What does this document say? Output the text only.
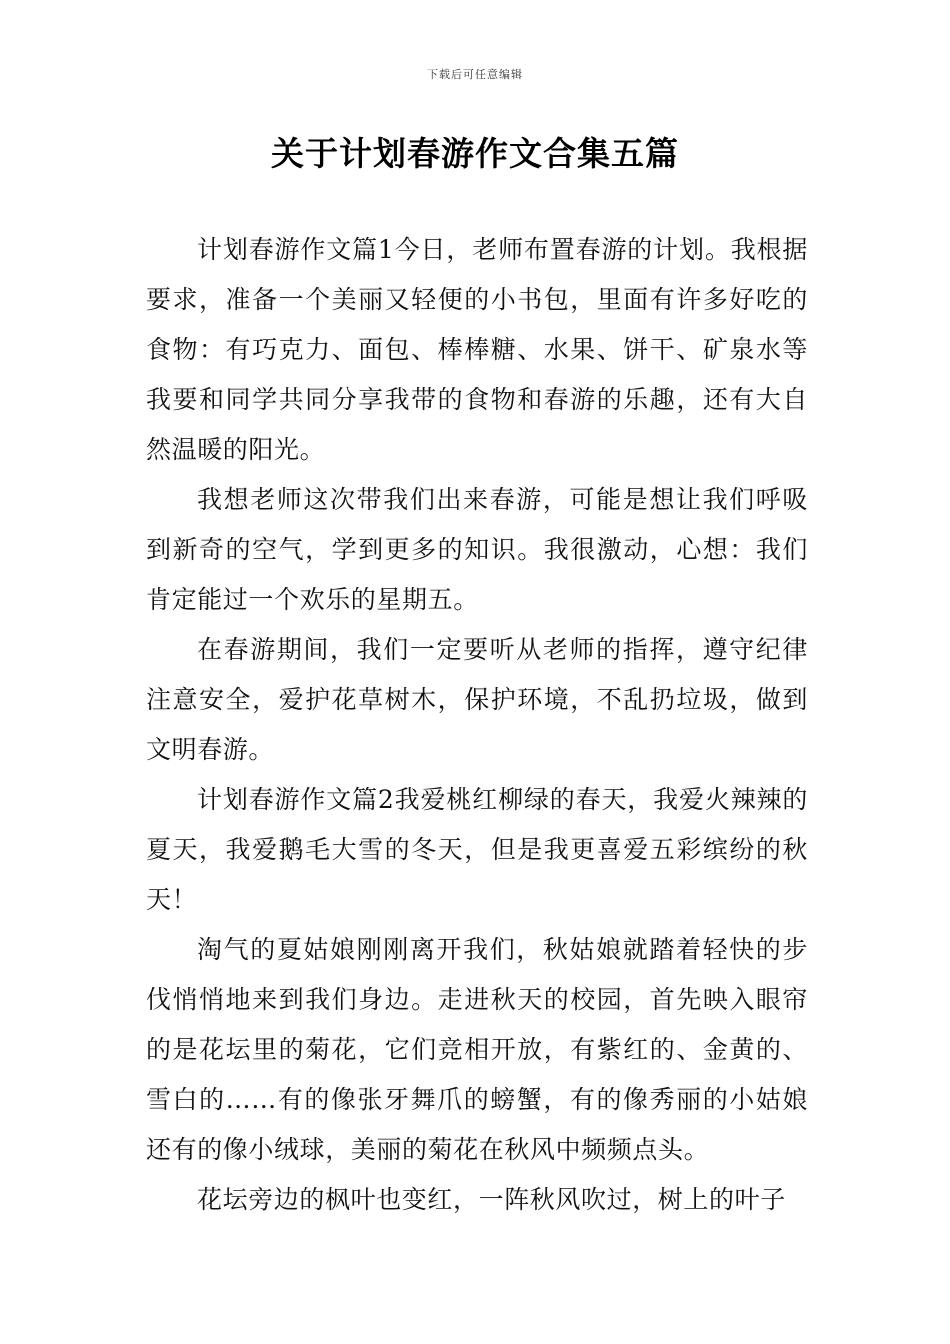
下载后可任意编辑
关于计划春游作文合集五篇

计划春游作文篇1今日，老师布置春游的计划。我根据要求，准备一个美丽又轻便的小书包，里面有许多好吃的食物：有巧克力、面包、棒棒糖、水果、饼干、矿泉水等我要和同学共同分享我带的食物和春游的乐趣，还有大自然温暖的阳光。

我想老师这次带我们出来春游，可能是想让我们呼吸到新奇的空气，学到更多的知识。我很激动，心想：我们肯定能过一个欢乐的星期五。

在春游期间，我们一定要听从老师的指挥，遵守纪律注意安全，爱护花草树木，保护环境，不乱扔垃圾，做到文明春游。

计划春游作文篇2我爱桃红柳绿的春天，我爱火辣辣的夏天，我爱鹅毛大雪的冬天，但是我更喜爱五彩缤纷的秋天！

淘气的夏姑娘刚刚离开我们，秋姑娘就踏着轻快的步伐悄悄地来到我们身边。走进秋天的校园，首先映入眼帘的是花坛里的菊花，它们竞相开放，有紫红的、金黄的、雪白的……有的像张牙舞爪的螃蟹，有的像秀丽的小姑娘还有的像小绒球，美丽的菊花在秋风中频频点头。

花坛旁边的枫叶也变红，一阵秋风吹过，树上的叶子
